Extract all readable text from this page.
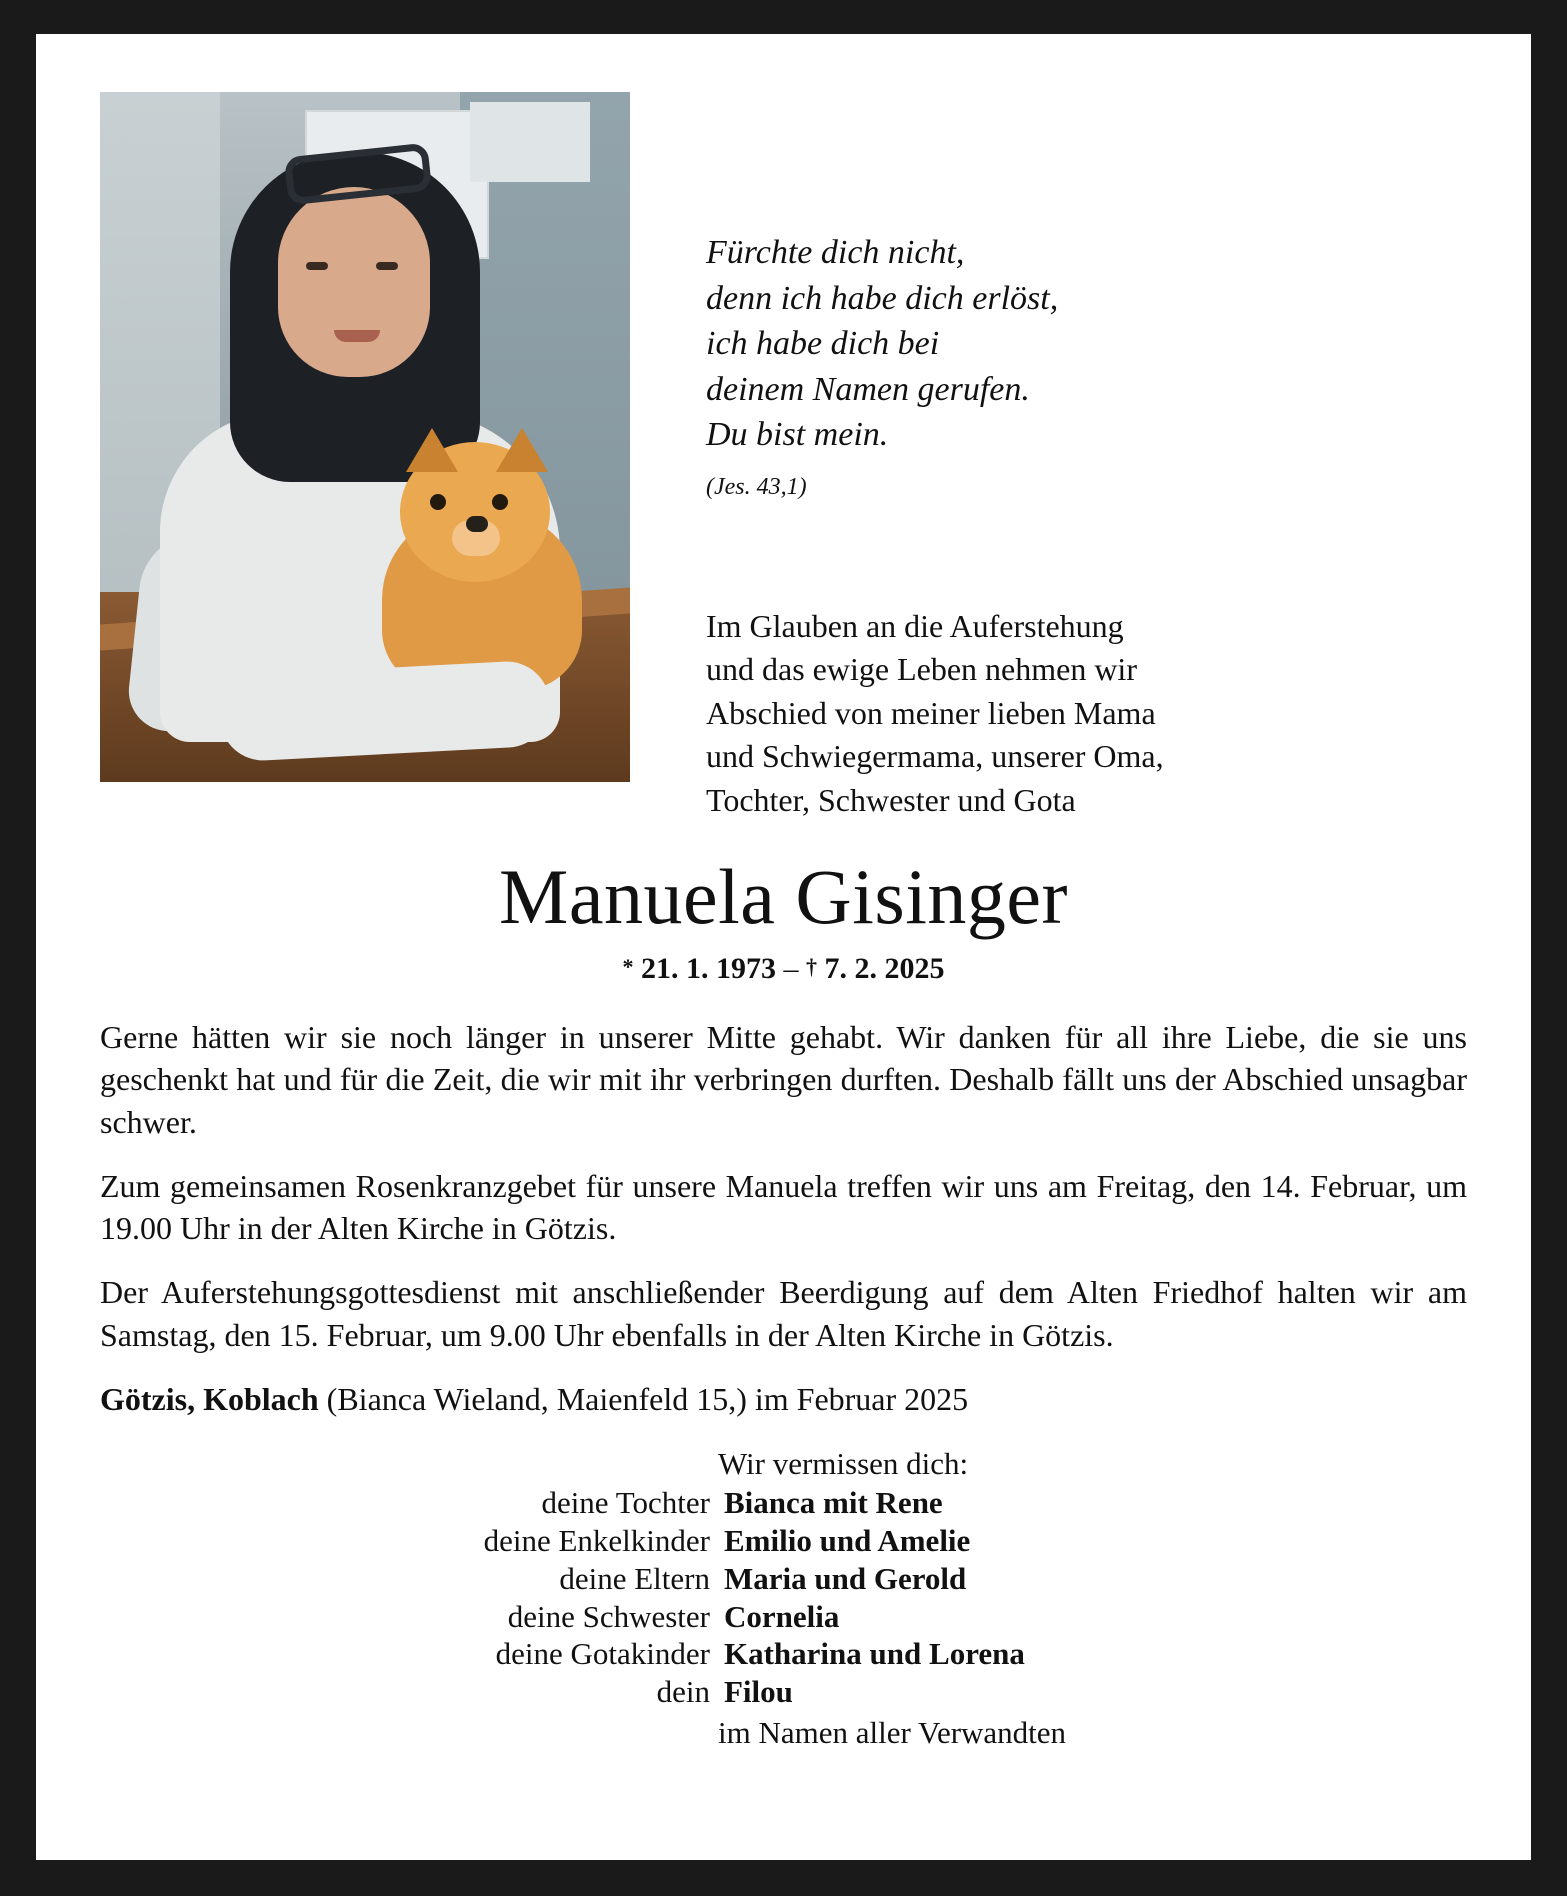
Fürchte dich nicht,
denn ich habe dich erlöst,
ich habe dich bei
deinem Namen gerufen.
Du bist mein.
(Jes. 43,1)
Im Glauben an die Auferstehung
und das ewige Leben nehmen wir
Abschied von meiner lieben Mama
und Schwiegermama, unserer Oma,
Tochter, Schwester und Gota
Manuela Gisinger
* 21. 1. 1973 – † 7. 2. 2025

Gerne hätten wir sie noch länger in unserer Mitte gehabt. Wir danken für all ihre Liebe, die sie uns geschenkt hat und für die Zeit, die wir mit ihr verbringen durften. Deshalb fällt uns der Abschied unsagbar schwer.

Zum gemeinsamen Rosenkranzgebet für unsere Manuela treffen wir uns am Freitag, den 14. Februar, um 19.00 Uhr in der Alten Kirche in Götzis.

Der Auferstehungsgottesdienst mit anschließender Beerdigung auf dem Alten Friedhof halten wir am Samstag, den 15. Februar, um 9.00 Uhr ebenfalls in der Alten Kirche in Götzis.

Götzis, Koblach (Bianca Wieland, Maienfeld 15,) im Februar 2025

Wir vermissen dich:
deine Tochter Bianca mit Rene
deine Enkelkinder Emilio und Amelie
deine Eltern Maria und Gerold
deine Schwester Cornelia
deine Gotakinder Katharina und Lorena
dein Filou
im Namen aller Verwandten
